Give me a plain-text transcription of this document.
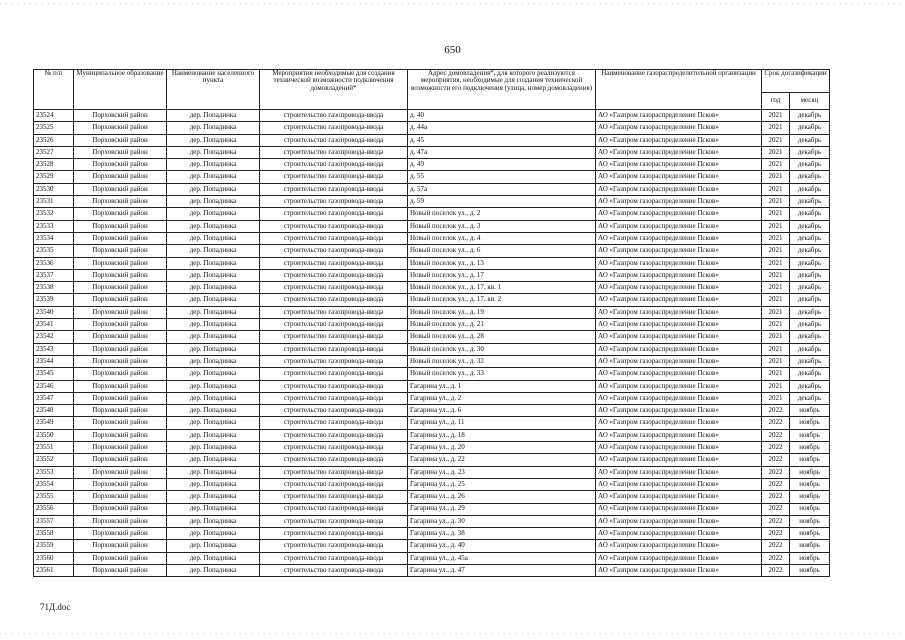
650
№ п/п	Муниципальное образование	Наименование населенного пункта	Мероприятия необходимые для создания технической возможности подключения домовладений*	Адрес домовладения*, для которого реализуются мероприятия, необходимые для создания технической возможности его подключения (улица, номер домовладения)	Наименование газораспределительной организации	Срок догазификации	
						год	месяц
23524	Порховский район	дер. Попадинка	строительство газопровода-ввода	д. 40	АО «Газпром газораспределение Псков»	2021	декабрь
23525	Порховский район	дер. Попадинка	строительство газопровода-ввода	д. 44а	АО «Газпром газораспределение Псков»	2021	декабрь
23526	Порховский район	дер. Попадинка	строительство газопровода-ввода	д. 45	АО «Газпром газораспределение Псков»	2021	декабрь
23527	Порховский район	дер. Попадинка	строительство газопровода-ввода	д. 47а	АО «Газпром газораспределение Псков»	2021	декабрь
23528	Порховский район	дер. Попадинка	строительство газопровода-ввода	д. 49	АО «Газпром газораспределение Псков»	2021	декабрь
23529	Порховский район	дер. Попадинка	строительство газопровода-ввода	д. 55	АО «Газпром газораспределение Псков»	2021	декабрь
23530	Порховский район	дер. Попадинка	строительство газопровода-ввода	д. 57а	АО «Газпром газораспределение Псков»	2021	декабрь
23531	Порховский район	дер. Попадинка	строительство газопровода-ввода	д. 59	АО «Газпром газораспределение Псков»	2021	декабрь
23532	Порховский район	дер. Попадинка	строительство газопровода-ввода	Новый поселок ул., д. 2	АО «Газпром газораспределение Псков»	2021	декабрь
23533	Порховский район	дер. Попадинка	строительство газопровода-ввода	Новый поселок ул., д. 3	АО «Газпром газораспределение Псков»	2021	декабрь
23534	Порховский район	дер. Попадинка	строительство газопровода-ввода	Новый поселок ул., д. 4	АО «Газпром газораспределение Псков»	2021	декабрь
23535	Порховский район	дер. Попадинка	строительство газопровода-ввода	Новый поселок ул., д. 6	АО «Газпром газораспределение Псков»	2021	декабрь
23536	Порховский район	дер. Попадинка	строительство газопровода-ввода	Новый поселок ул., д. 13	АО «Газпром газораспределение Псков»	2021	декабрь
23537	Порховский район	дер. Попадинка	строительство газопровода-ввода	Новый поселок ул., д. 17	АО «Газпром газораспределение Псков»	2021	декабрь
23538	Порховский район	дер. Попадинка	строительство газопровода-ввода	Новый поселок ул., д. 17, кв. 1	АО «Газпром газораспределение Псков»	2021	декабрь
23539	Порховский район	дер. Попадинка	строительство газопровода-ввода	Новый поселок ул., д. 17, кв. 2	АО «Газпром газораспределение Псков»	2021	декабрь
23540	Порховский район	дер. Попадинка	строительство газопровода-ввода	Новый поселок ул., д. 19	АО «Газпром газораспределение Псков»	2021	декабрь
23541	Порховский район	дер. Попадинка	строительство газопровода-ввода	Новый поселок ул., д. 21	АО «Газпром газораспределение Псков»	2021	декабрь
23542	Порховский район	дер. Попадинка	строительство газопровода-ввода	Новый поселок ул., д. 28	АО «Газпром газораспределение Псков»	2021	декабрь
23543	Порховский район	дер. Попадинка	строительство газопровода-ввода	Новый поселок ул., д. 30	АО «Газпром газораспределение Псков»	2021	декабрь
23544	Порховский район	дер. Попадинка	строительство газопровода-ввода	Новый поселок ул., д. 32	АО «Газпром газораспределение Псков»	2021	декабрь
23545	Порховский район	дер. Попадинка	строительство газопровода-ввода	Новый поселок ул., д. 33	АО «Газпром газораспределение Псков»	2021	декабрь
23546	Порховский район	дер. Попадинка	строительство газопровода-ввода	Гагарина ул., д. 1	АО «Газпром газораспределение Псков»	2021	декабрь
23547	Порховский район	дер. Попадинка	строительство газопровода-ввода	Гагарина ул., д. 2	АО «Газпром газораспределение Псков»	2021	декабрь
23548	Порховский район	дер. Попадинка	строительство газопровода-ввода	Гагарина ул., д. 6	АО «Газпром газораспределение Псков»	2022	ноябрь
23549	Порховский район	дер. Попадинка	строительство газопровода-ввода	Гагарина ул., д. 11	АО «Газпром газораспределение Псков»	2022	ноябрь
23550	Порховский район	дер. Попадинка	строительство газопровода-ввода	Гагарина ул., д. 18	АО «Газпром газораспределение Псков»	2022	ноябрь
23551	Порховский район	дер. Попадинка	строительство газопровода-ввода	Гагарина ул., д. 20	АО «Газпром газораспределение Псков»	2022	ноябрь
23552	Порховский район	дер. Попадинка	строительство газопровода-ввода	Гагарина ул., д. 22	АО «Газпром газораспределение Псков»	2022	ноябрь
23553	Порховский район	дер. Попадинка	строительство газопровода-ввода	Гагарина ул., д. 23	АО «Газпром газораспределение Псков»	2022	ноябрь
23554	Порховский район	дер. Попадинка	строительство газопровода-ввода	Гагарина ул., д. 25	АО «Газпром газораспределение Псков»	2022	ноябрь
23555	Порховский район	дер. Попадинка	строительство газопровода-ввода	Гагарина ул., д. 26	АО «Газпром газораспределение Псков»	2022	ноябрь
23556	Порховский район	дер. Попадинка	строительство газопровода-ввода	Гагарина ул., д. 29	АО «Газпром газораспределение Псков»	2022	ноябрь
23557	Порховский район	дер. Попадинка	строительство газопровода-ввода	Гагарина ул., д. 30	АО «Газпром газораспределение Псков»	2022	ноябрь
23558	Порховский район	дер. Попадинка	строительство газопровода-ввода	Гагарина ул., д. 38	АО «Газпром газораспределение Псков»	2022	ноябрь
23559	Порховский район	дер. Попадинка	строительство газопровода-ввода	Гагарина ул., д. 40	АО «Газпром газораспределение Псков»	2022	ноябрь
23560	Порховский район	дер. Попадинка	строительство газопровода-ввода	Гагарина ул., д. 45а	АО «Газпром газораспределение Псков»	2022	ноябрь
23561	Порховский район	дер. Попадинка	строительство газопровода-ввода	Гагарина ул., д. 47	АО «Газпром газораспределение Псков»	2022	ноябрь
71Д.doc
